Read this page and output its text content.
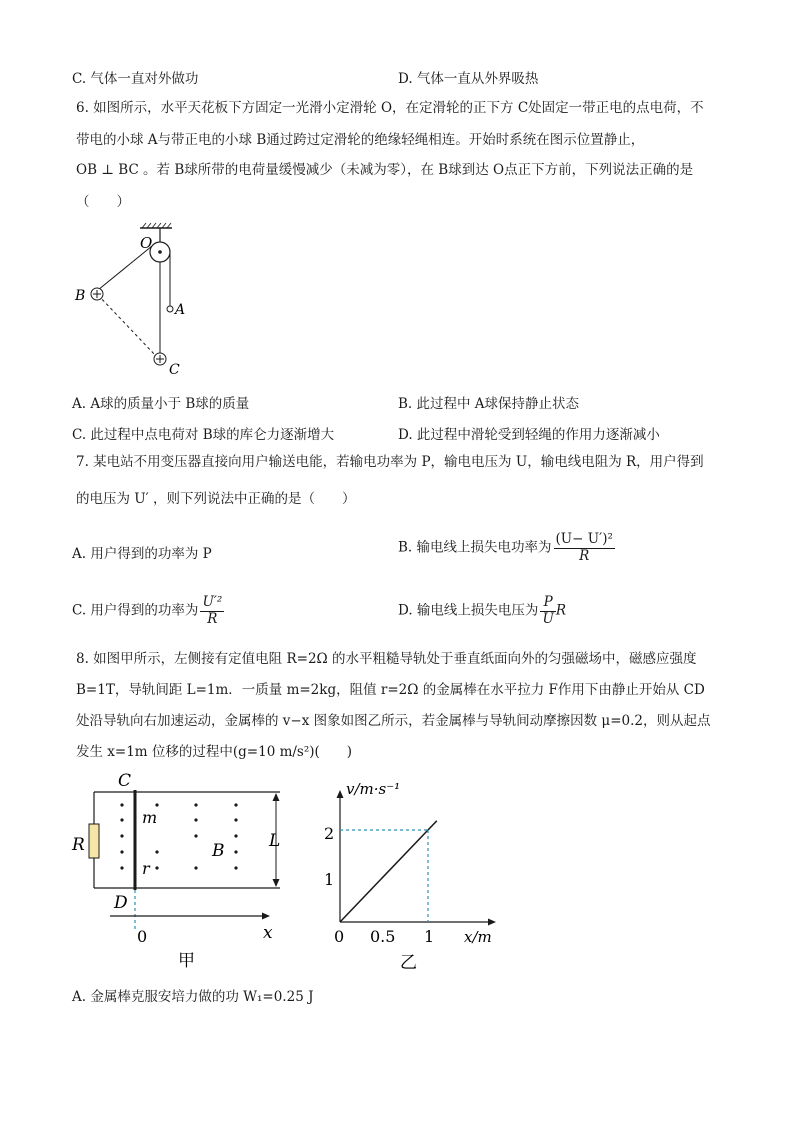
C. 气体一直对外做功	D. 气体一直从外界吸热
6. 如图所示，水平天花板下方固定一光滑小定滑轮 O，在定滑轮的正下方 C处固定一带正电的点电荷，不
带电的小球 A与带正电的小球 B通过跨过定滑轮的绝缘轻绳相连。开始时系统在图示位置静止，
OB ⊥ BC 。若 B球所带的电荷量缓慢减少（未减为零），在 B球到达 O点正下方前，下列说法正确的是
（　　）
O
A
B
C
A. A球的质量小于 B球的质量	B. 此过程中 A球保持静止状态
C. 此过程中点电荷对 B球的库仑力逐渐增大	D. 此过程中滑轮受到轻绳的作用力逐渐减小
7. 某电站不用变压器直接向用户输送电能，若输电功率为 P，输电电压为 U，输电线电阻为 R，用户得到
的电压为 U′ ，则下列说法中正确的是（　　）
A. 用户得到的功率为 P	B. 输电线上损失电功率为 $\frac{\text{(U− U′)²}}{R}$
C. 用户得到的功率为 $\frac{\text{U′²}}{R}$	D. 输电线上损失电压为 $\frac{P}{U}$ R
8. 如图甲所示，左侧接有定值电阻 R=2Ω 的水平粗糙导轨处于垂直纸面向外的匀强磁场中，磁感应强度
B=1T，导轨间距 L=1m．一质量 m=2kg，阻值 r=2Ω 的金属棒在水平拉力 F作用下由静止开始从 CD
处沿导轨向右加速运动，金属棒的 v−x 图象如图乙所示，若金属棒与导轨间动摩擦因数 μ=0.2，则从起点
发生 x=1m 位移的过程中(g=10 m/s²)(　　)
C
D
R
m
r
B	L
0	x
甲
v/m·s⁻¹
x/m
2
1
0 0.5 1
乙
A. 金属棒克服安培力做的功 W₁=0.25 J
